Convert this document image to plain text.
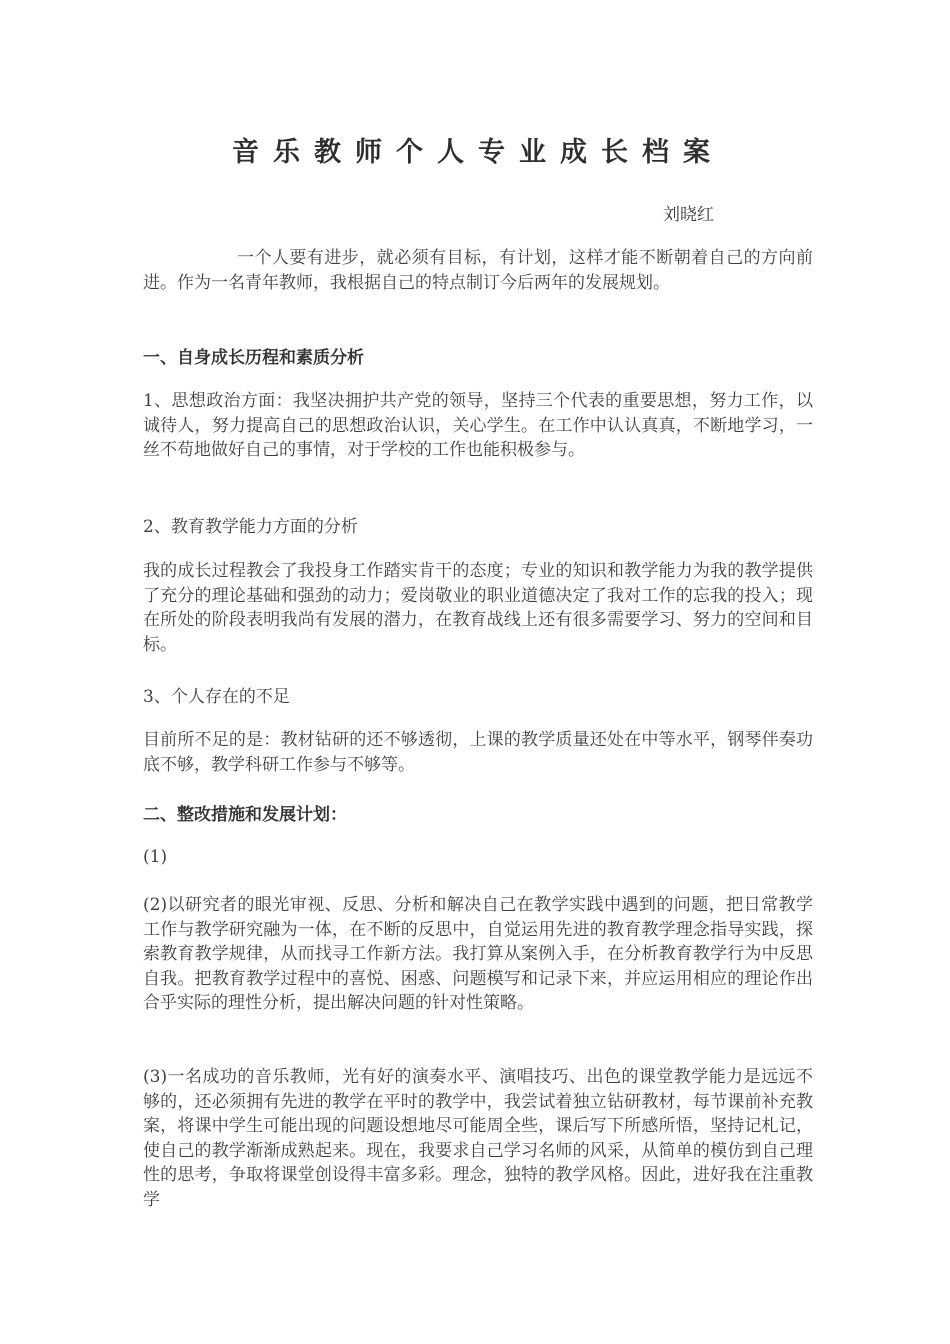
音乐教师个人专业成长档案
刘晓红

一个人要有进步，就必须有目标，有计划，这样才能不断朝着自己的方向前进。作为一名青年教师，我根据自己的特点制订今后两年的发展规划。

一、自身成长历程和素质分析

1、思想政治方面：我坚决拥护共产党的领导，坚持三个代表的重要思想，努力工作，以诚待人，努力提高自己的思想政治认识，关心学生。在工作中认认真真，不断地学习，一丝不苟地做好自己的事情，对于学校的工作也能积极参与。

2、教育教学能力方面的分析

我的成长过程教会了我投身工作踏实肯干的态度；专业的知识和教学能力为我的教学提供了充分的理论基础和强劲的动力；爱岗敬业的职业道德决定了我对工作的忘我的投入；现在所处的阶段表明我尚有发展的潜力，在教育战线上还有很多需要学习、努力的空间和目标。

3、个人存在的不足

目前所不足的是：教材钻研的还不够透彻，上课的教学质量还处在中等水平，钢琴伴奏功底不够，教学科研工作参与不够等。

二、整改措施和发展计划：
(1)

(2)以研究者的眼光审视、反思、分析和解决自己在教学实践中遇到的问题，把日常教学工作与教学研究融为一体，在不断的反思中，自觉运用先进的教育教学理念指导实践，探索教育教学规律，从而找寻工作新方法。我打算从案例入手，在分析教育教学行为中反思自我。把教育教学过程中的喜悦、困惑、问题模写和记录下来，并应运用相应的理论作出合乎实际的理性分析，提出解决问题的针对性策略。

(3)一名成功的音乐教师，光有好的演奏水平、演唱技巧、出色的课堂教学能力是远远不够的，还必须拥有先进的教学在平时的教学中，我尝试着独立钻研教材，每节课前补充教案，将课中学生可能出现的问题设想地尽可能周全些，课后写下所感所悟，坚持记札记，使自己的教学渐渐成熟起来。现在，我要求自己学习名师的风采，从简单的模仿到自己理性的思考，争取将课堂创设得丰富多彩。理念，独特的教学风格。因此，进好我在注重教学
